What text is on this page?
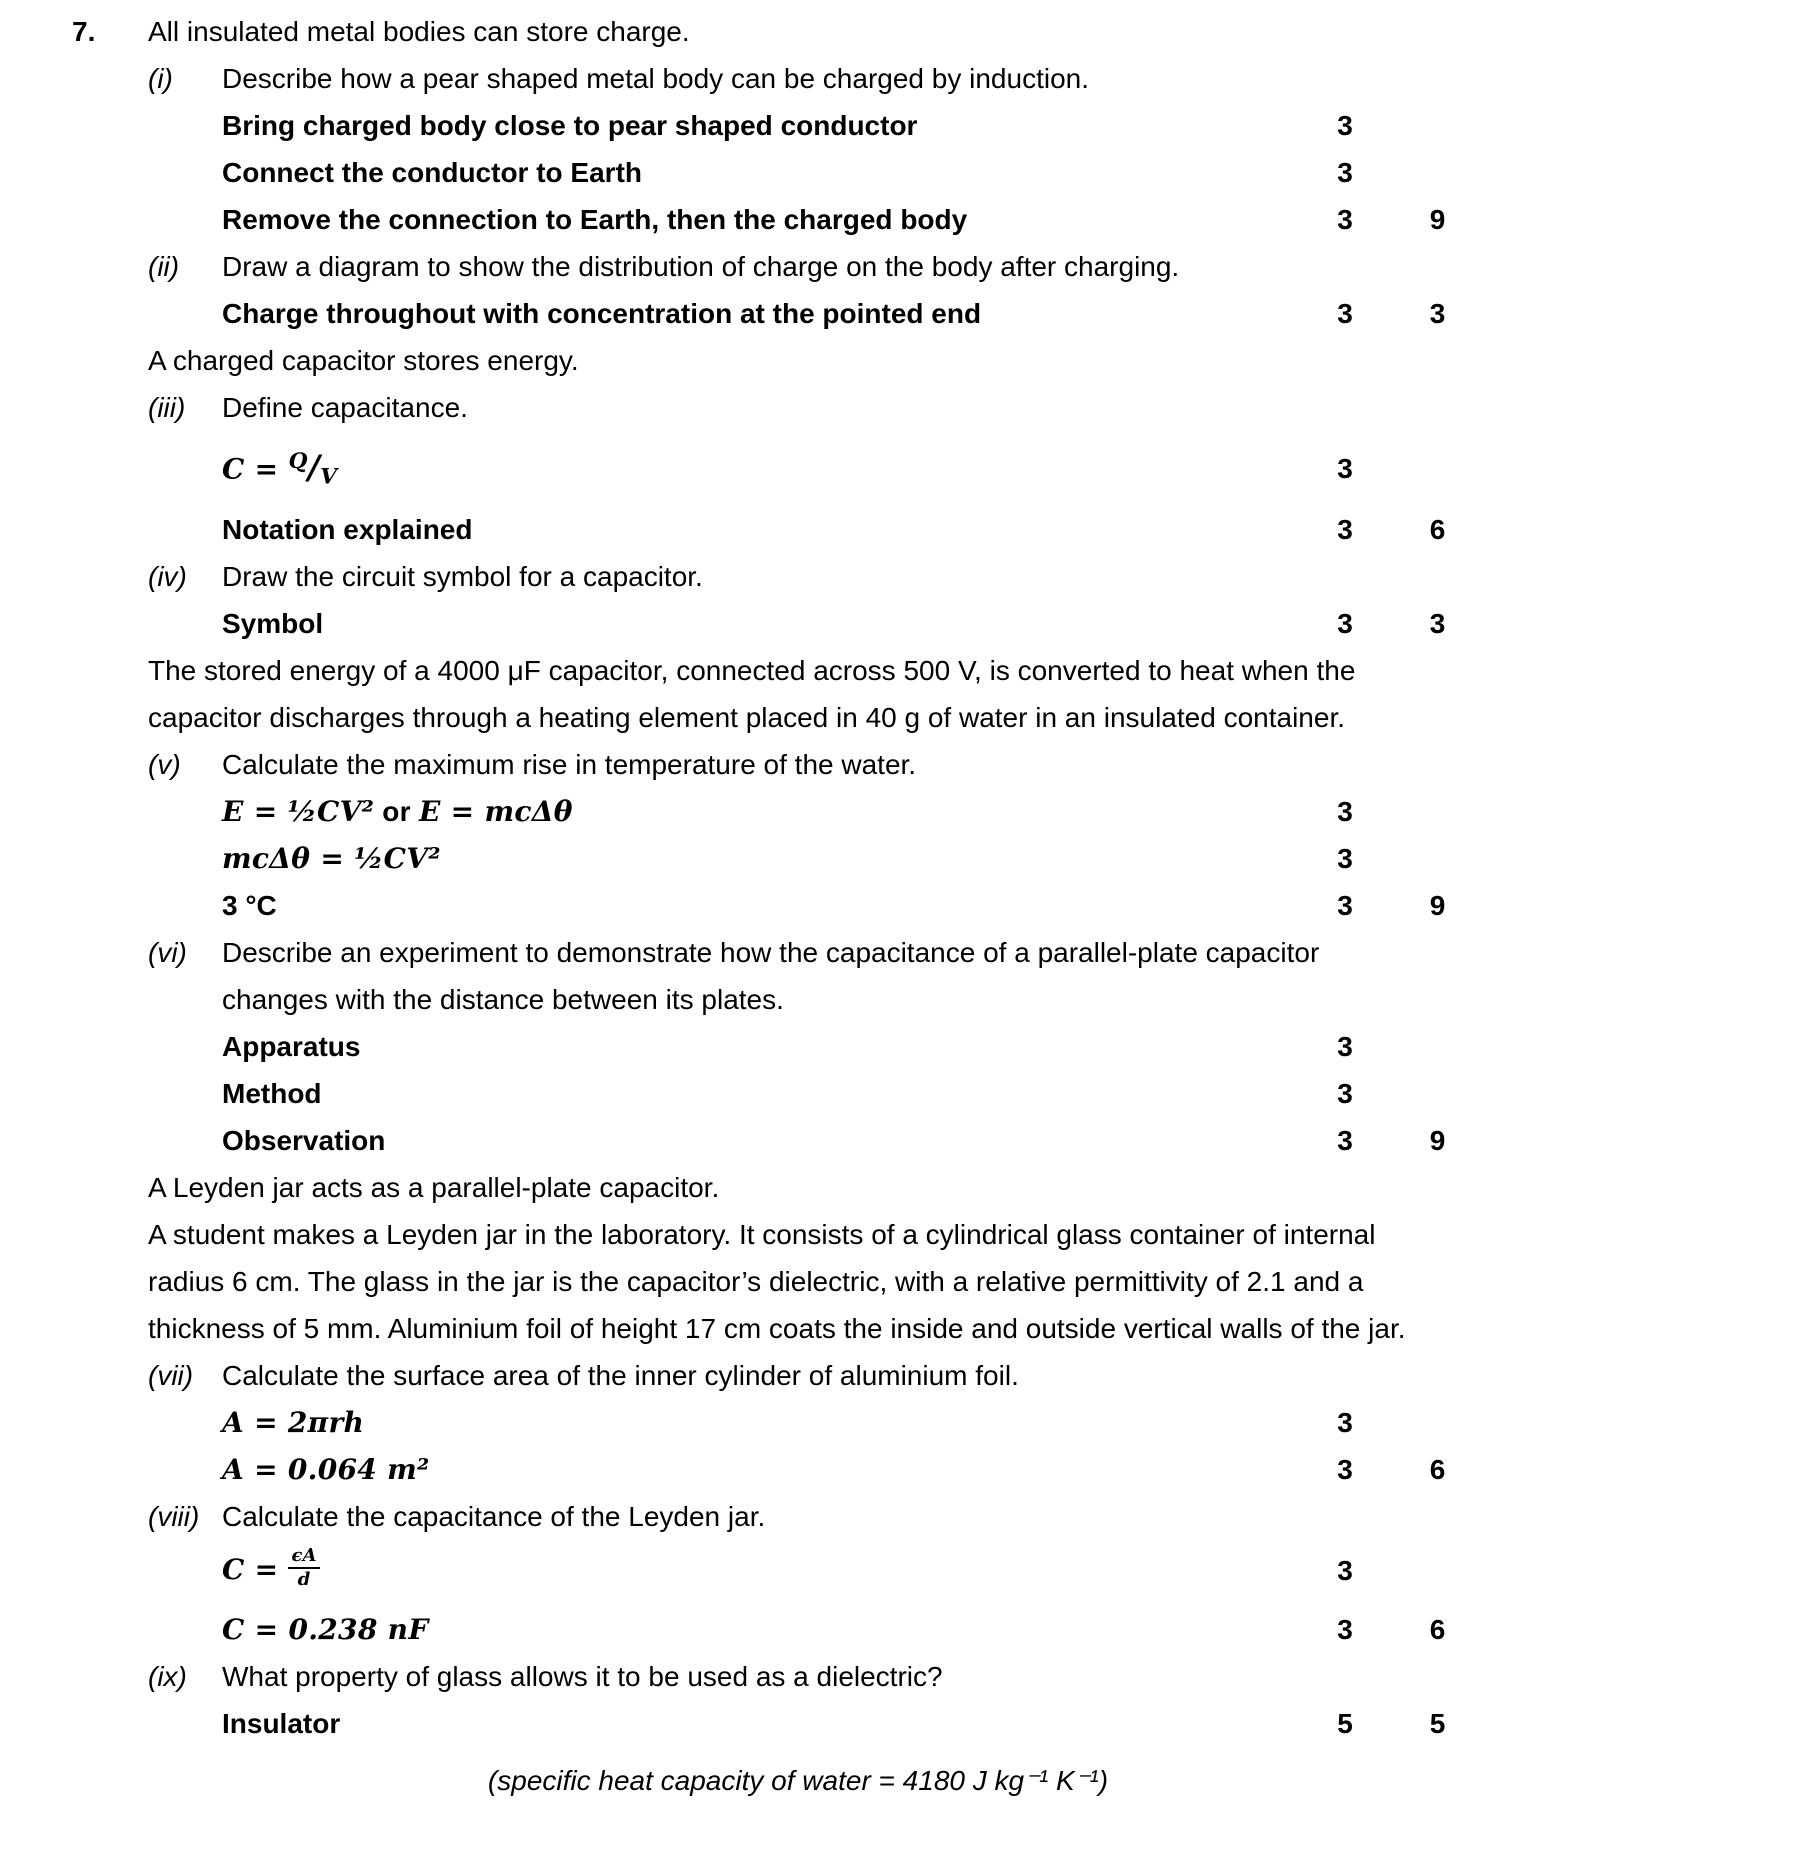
7.	All insulated metal bodies can store charge.
(i)	Describe how a pear shaped metal body can be charged by induction.
Bring charged body close to pear shaped conductor	3
Connect the conductor to Earth	3
Remove the connection to Earth, then the charged body	3	9
(ii)	Draw a diagram to show the distribution of charge on the body after charging.
Charge throughout with concentration at the pointed end	3	3
A charged capacitor stores energy.
(iii)	Define capacitance.
C = $^Q$/V	3
Notation explained	3	6
(iv)	Draw the circuit symbol for a capacitor.
Symbol	3	3
The stored energy of a 4000 μF capacitor, connected across 500 V, is converted to heat when the
capacitor discharges through a heating element placed in 40 g of water in an insulated container.
(v)	Calculate the maximum rise in temperature of the water.
E = ½CV² or E = mcΔθ	3
mcΔθ = ½CV²	3
3 °C	3	9
(vi)	Describe an experiment to demonstrate how the capacitance of a parallel-plate capacitor
changes with the distance between its plates.
Apparatus	3
Method	3
Observation	3	9
A Leyden jar acts as a parallel-plate capacitor.
A student makes a Leyden jar in the laboratory. It consists of a cylindrical glass container of internal
radius 6 cm. The glass in the jar is the capacitor’s dielectric, with a relative permittivity of 2.1 and a
thickness of 5 mm. Aluminium foil of height 17 cm coats the inside and outside vertical walls of the jar.
(vii)	Calculate the surface area of the inner cylinder of aluminium foil.
A = 2πrh	3
A = 0.064 m²	3	6
(viii) Calculate the capacitance of the Leyden jar.
$C = \frac{\epsilon A}{d}$	3
C = 0.238 nF	3	6
(ix)	What property of glass allows it to be used as a dielectric?
Insulator	5	5
(specific heat capacity of water = 4180 J kg⁻¹ K⁻¹)
